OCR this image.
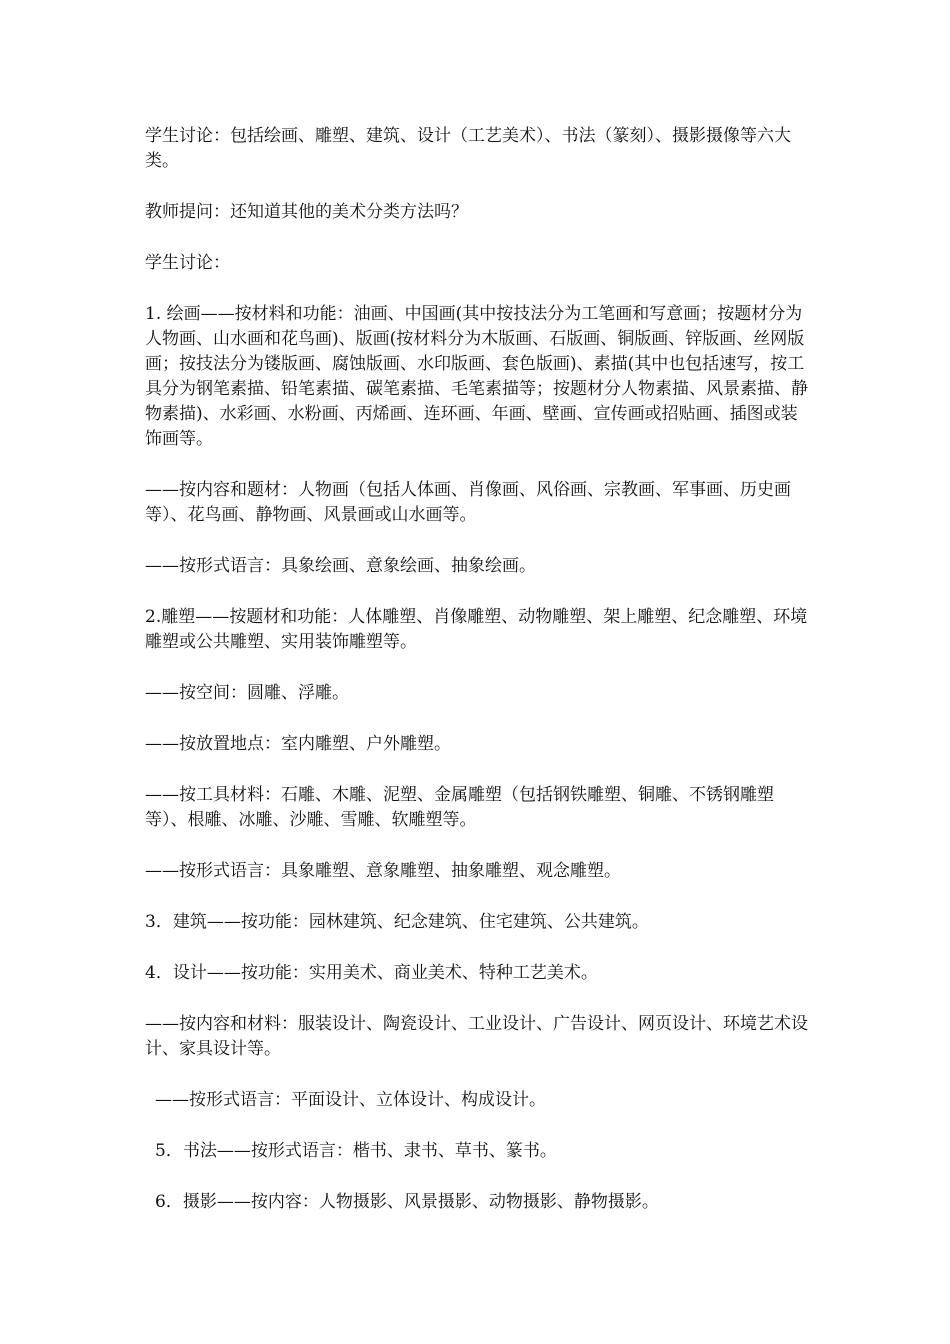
学生讨论：包括绘画、雕塑、建筑、设计（工艺美术）、书法（篆刻）、摄影摄像等六大类。

教师提问：还知道其他的美术分类方法吗？

学生讨论：

1. 绘画——按材料和功能：油画、中国画(其中按技法分为工笔画和写意画；按题材分为人物画、山水画和花鸟画)、版画(按材料分为木版画、石版画、铜版画、锌版画、丝网版画；按技法分为镂版画、腐蚀版画、水印版画、套色版画)、素描(其中也包括速写，按工具分为钢笔素描、铅笔素描、碳笔素描、毛笔素描等；按题材分人物素描、风景素描、静物素描)、水彩画、水粉画、丙烯画、连环画、年画、壁画、宣传画或招贴画、插图或装饰画等。

——按内容和题材：人物画（包括人体画、肖像画、风俗画、宗教画、军事画、历史画等）、花鸟画、静物画、风景画或山水画等。

——按形式语言：具象绘画、意象绘画、抽象绘画。

2.雕塑——按题材和功能：人体雕塑、肖像雕塑、动物雕塑、架上雕塑、纪念雕塑、环境雕塑或公共雕塑、实用装饰雕塑等。

——按空间：圆雕、浮雕。

——按放置地点：室内雕塑、户外雕塑。

——按工具材料：石雕、木雕、泥塑、金属雕塑（包括钢铁雕塑、铜雕、不锈钢雕塑等）、根雕、冰雕、沙雕、雪雕、软雕塑等。

——按形式语言：具象雕塑、意象雕塑、抽象雕塑、观念雕塑。

3．建筑——按功能：园林建筑、纪念建筑、住宅建筑、公共建筑。

4．设计——按功能：实用美术、商业美术、特种工艺美术。

——按内容和材料：服装设计、陶瓷设计、工业设计、广告设计、网页设计、环境艺术设计、家具设计等。

——按形式语言：平面设计、立体设计、构成设计。

5．书法——按形式语言：楷书、隶书、草书、篆书。

6．摄影——按内容：人物摄影、风景摄影、动物摄影、静物摄影。
